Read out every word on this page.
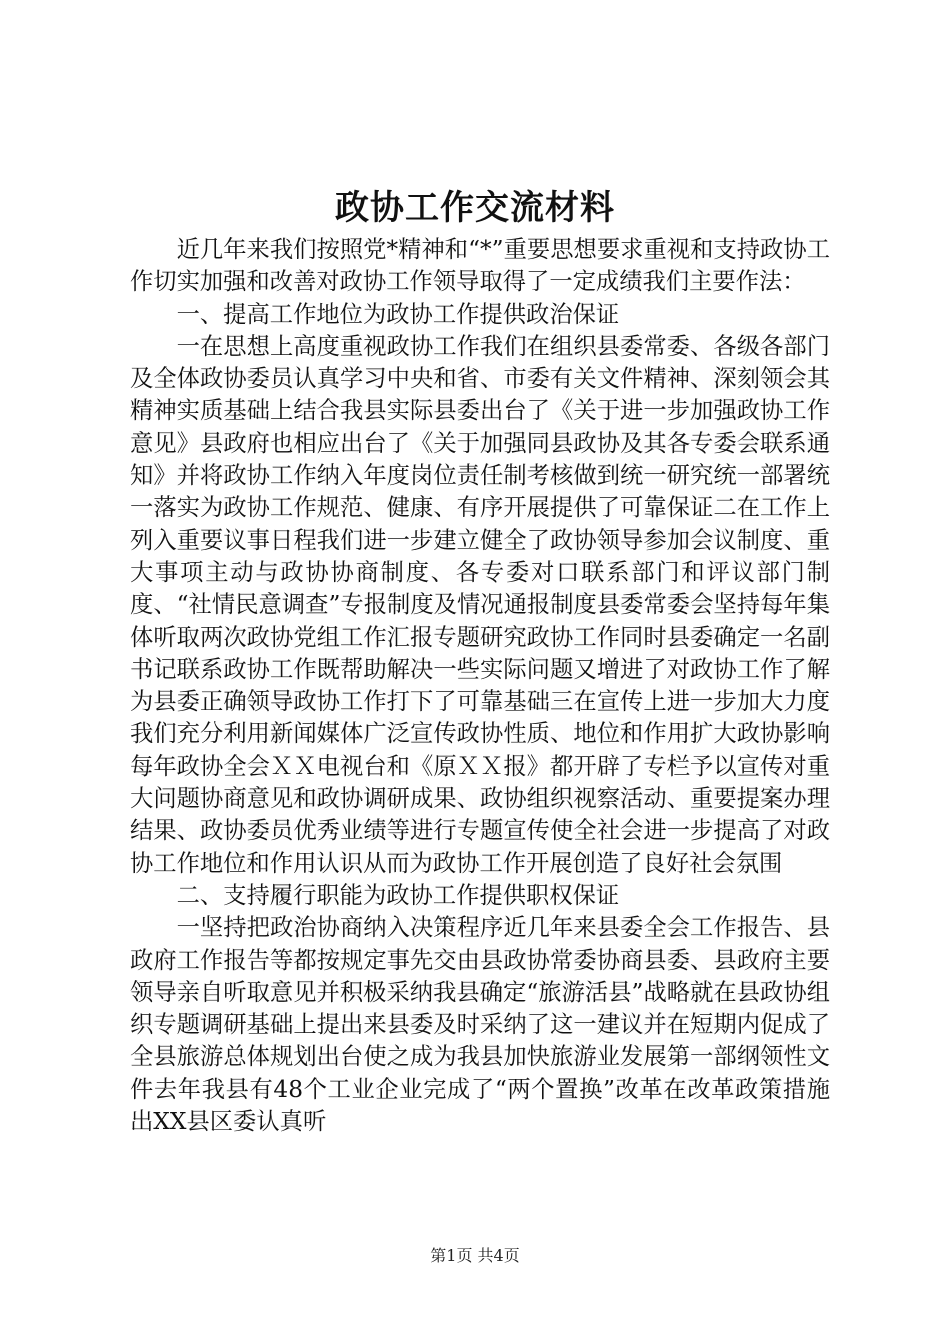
政协工作交流材料

近几年来我们按照党*精神和“*”重要思想要求重视和支持政协工作切实加强和改善对政协工作领导取得了一定成绩我们主要作法：

一、提高工作地位为政协工作提供政治保证

一在思想上高度重视政协工作我们在组织县委常委、各级各部门及全体政协委员认真学习中央和省、市委有关文件精神、深刻领会其精神实质基础上结合我县实际县委出台了《关于进一步加强政协工作意见》县政府也相应出台了《关于加强同县政协及其各专委会联系通知》并将政协工作纳入年度岗位责任制考核做到统一研究统一部署统一落实为政协工作规范、健康、有序开展提供了可靠保证二在工作上列入重要议事日程我们进一步建立健全了政协领导参加会议制度、重大事项主动与政协协商制度、各专委对口联系部门和评议部门制度、“社情民意调查”专报制度及情况通报制度县委常委会坚持每年集体听取两次政协党组工作汇报专题研究政协工作同时县委确定一名副书记联系政协工作既帮助解决一些实际问题又增进了对政协工作了解为县委正确领导政协工作打下了可靠基础三在宣传上进一步加大力度我们充分利用新闻媒体广泛宣传政协性质、地位和作用扩大政协影响每年政协全会ＸＸ电视台和《原ＸＸ报》都开辟了专栏予以宣传对重大问题协商意见和政协调研成果、政协组织视察活动、重要提案办理结果、政协委员优秀业绩等进行专题宣传使全社会进一步提高了对政协工作地位和作用认识从而为政协工作开展创造了良好社会氛围

二、支持履行职能为政协工作提供职权保证

一坚持把政治协商纳入决策程序近几年来县委全会工作报告、县政府工作报告等都按规定事先交由县政协常委协商县委、县政府主要领导亲自听取意见并积极采纳我县确定“旅游活县”战略就在县政协组织专题调研基础上提出来县委及时采纳了这一建议并在短期内促成了全县旅游总体规划出台使之成为我县加快旅游业发展第一部纲领性文件去年我县有48个工业企业完成了“两个置换”改革在改革政策措施出XX县区委认真听

第1页 共4页
